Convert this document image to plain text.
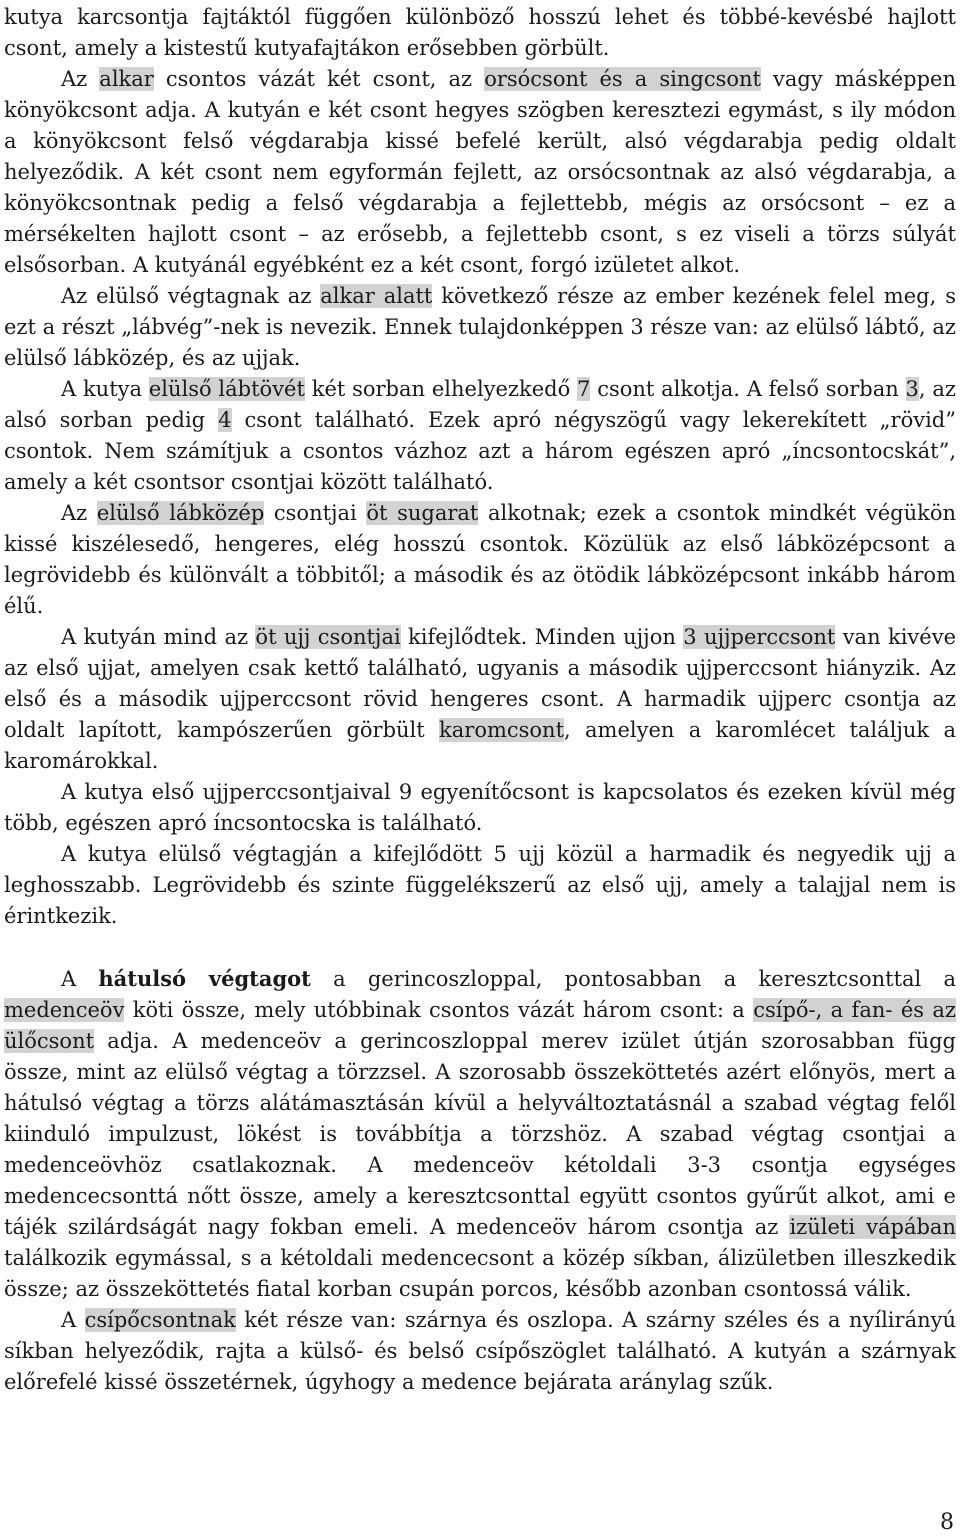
kutya karcsontja fajtáktól függően különböző hosszú lehet és többé-kevésbé hajlott csont, amely a kistestű kutyafajtákon erősebben görbült.

Az alkar csontos vázát két csont, az orsócsont és a singcsont vagy másképpen könyökcsont adja. A kutyán e két csont hegyes szögben keresztezi egymást, s ily módon a könyökcsont felső végdarabja kissé befelé került, alsó végdarabja pedig oldalt helyeződik. A két csont nem egyformán fejlett, az orsócsontnak az alsó végdarabja, a könyökcsontnak pedig a felső végdarabja a fejlettebb, mégis az orsócsont – ez a mérsékelten hajlott csont – az erősebb, a fejlettebb csont, s ez viseli a törzs súlyát elsősorban. A kutyánál egyébként ez a két csont, forgó izületet alkot.

Az elülső végtagnak az alkar alatt következő része az ember kezének felel meg, s ezt a részt „lábvég”-nek is nevezik. Ennek tulajdonképpen 3 része van: az elülső lábtő, az elülső lábközép, és az ujjak.

A kutya elülső lábtövét két sorban elhelyezkedő 7 csont alkotja. A felső sorban 3, az alsó sorban pedig 4 csont található. Ezek apró négyszögű vagy lekerekített „rövid” csontok. Nem számítjuk a csontos vázhoz azt a három egészen apró „íncsontocskát”, amely a két csontsor csontjai között található.

Az elülső lábközép csontjai öt sugarat alkotnak; ezek a csontok mindkét végükön kissé kiszélesedő, hengeres, elég hosszú csontok. Közülük az első lábközépcsont a legrövidebb és különvált a többitől; a második és az ötödik lábközépcsont inkább három élű.

A kutyán mind az öt ujj csontjai kifejlődtek. Minden ujjon 3 ujjperccsont van kivéve az első ujjat, amelyen csak kettő található, ugyanis a második ujjperccsont hiányzik. Az első és a második ujjperccsont rövid hengeres csont. A harmadik ujjperc csontja az oldalt lapított, kampószerűen görbült karomcsont, amelyen a karomlécet találjuk a karomárokkal.

A kutya első ujjperccsontjaival 9 egyenítőcsont is kapcsolatos és ezeken kívül még több, egészen apró íncsontocska is található.

A kutya elülső végtagján a kifejlődött 5 ujj közül a harmadik és negyedik ujj a leghosszabb. Legrövidebb és szinte függelékszerű az első ujj, amely a talajjal nem is érintkezik.

A hátulsó végtagot a gerincoszloppal, pontosabban a keresztcsonttal a medenceöv köti össze, mely utóbbinak csontos vázát három csont: a csípő-, a fan- és az ülőcsont adja. A medenceöv a gerincoszloppal merev izület útján szorosabban függ össze, mint az elülső végtag a törzzsel. A szorosabb összeköttetés azért előnyös, mert a hátulsó végtag a törzs alátámasztásán kívül a helyváltoztatásnál a szabad végtag felől kiinduló impulzust, lökést is továbbítja a törzshöz. A szabad végtag csontjai a medenceövhöz csatlakoznak. A medenceöv kétoldali 3-3 csontja egységes medencecsonttá nőtt össze, amely a keresztcsonttal együtt csontos gyűrűt alkot, ami e tájék szilárdságát nagy fokban emeli. A medenceöv három csontja az izületi vápában találkozik egymással, s a kétoldali medencecsont a közép síkban, álizületben illeszkedik össze; az összeköttetés fiatal korban csupán porcos, később azonban csontossá válik.

A csípőcsontnak két része van: szárnya és oszlopa. A szárny széles és a nyílirányú síkban helyeződik, rajta a külső- és belső csípőszöglet található. A kutyán a szárnyak előrefelé kissé összetérnek, úgyhogy a medence bejárata aránylag szűk.

8
